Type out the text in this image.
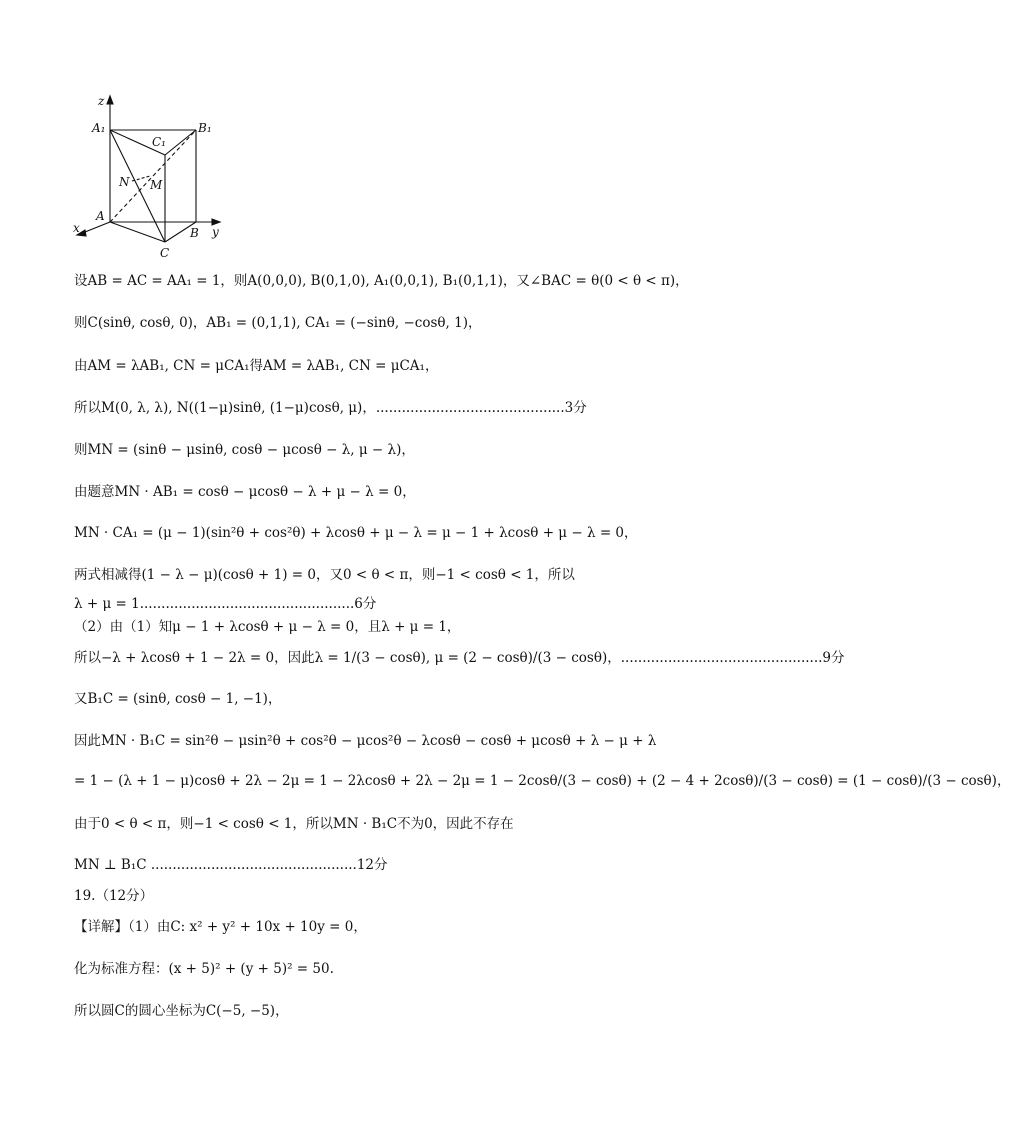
z
A₁	B₁
C₁
N M
A
x	B y
C
设AB = AC = AA₁ = 1，则A(0,0,0), B(0,1,0), A₁(0,0,1), B₁(0,1,1)，又∠BAC = θ(0 < θ < π)，
则C(sinθ, cosθ, 0)，AB₁ = (0,1,1), CA₁ = (−sinθ, −cosθ, 1)，
由AM = λAB₁, CN = μCA₁得AM = λAB₁, CN = μCA₁，
所以M(0, λ, λ), N((1−μ)sinθ, (1−μ)cosθ, μ)，............................................3分
则MN = (sinθ − μsinθ, cosθ − μcosθ − λ, μ − λ)，
由题意MN · AB₁ = cosθ − μcosθ − λ + μ − λ = 0，
MN · CA₁ = (μ − 1)(sin²θ + cos²θ) + λcosθ + μ − λ = μ − 1 + λcosθ + μ − λ = 0，
两式相减得(1 − λ − μ)(cosθ + 1) = 0，又0 < θ < π，则−1 < cosθ < 1，所以
λ + μ = 1..................................................6分
（2）由（1）知μ − 1 + λcosθ + μ − λ = 0，且λ + μ = 1，
所以−λ + λcosθ + 1 − 2λ = 0，因此λ = 1/(3 − cosθ), μ = (2 − cosθ)/(3 − cosθ)，...............................................9分
又B₁C = (sinθ, cosθ − 1, −1)，
因此MN · B₁C = sin²θ − μsin²θ + cos²θ − μcos²θ − λcosθ − cosθ + μcosθ + λ − μ + λ
= 1 − (λ + 1 − μ)cosθ + 2λ − 2μ = 1 − 2λcosθ + 2λ − 2μ = 1 − 2cosθ/(3 − cosθ) + (2 − 4 + 2cosθ)/(3 − cosθ) = (1 − cosθ)/(3 − cosθ)，
由于0 < θ < π，则−1 < cosθ < 1，所以MN · B₁C不为0，因此不存在
MN ⊥ B₁C ................................................12分
19.（12分）
【详解】（1）由C: x² + y² + 10x + 10y = 0，
化为标准方程：(x + 5)² + (y + 5)² = 50.
所以圆C的圆心坐标为C(−5, −5)，
